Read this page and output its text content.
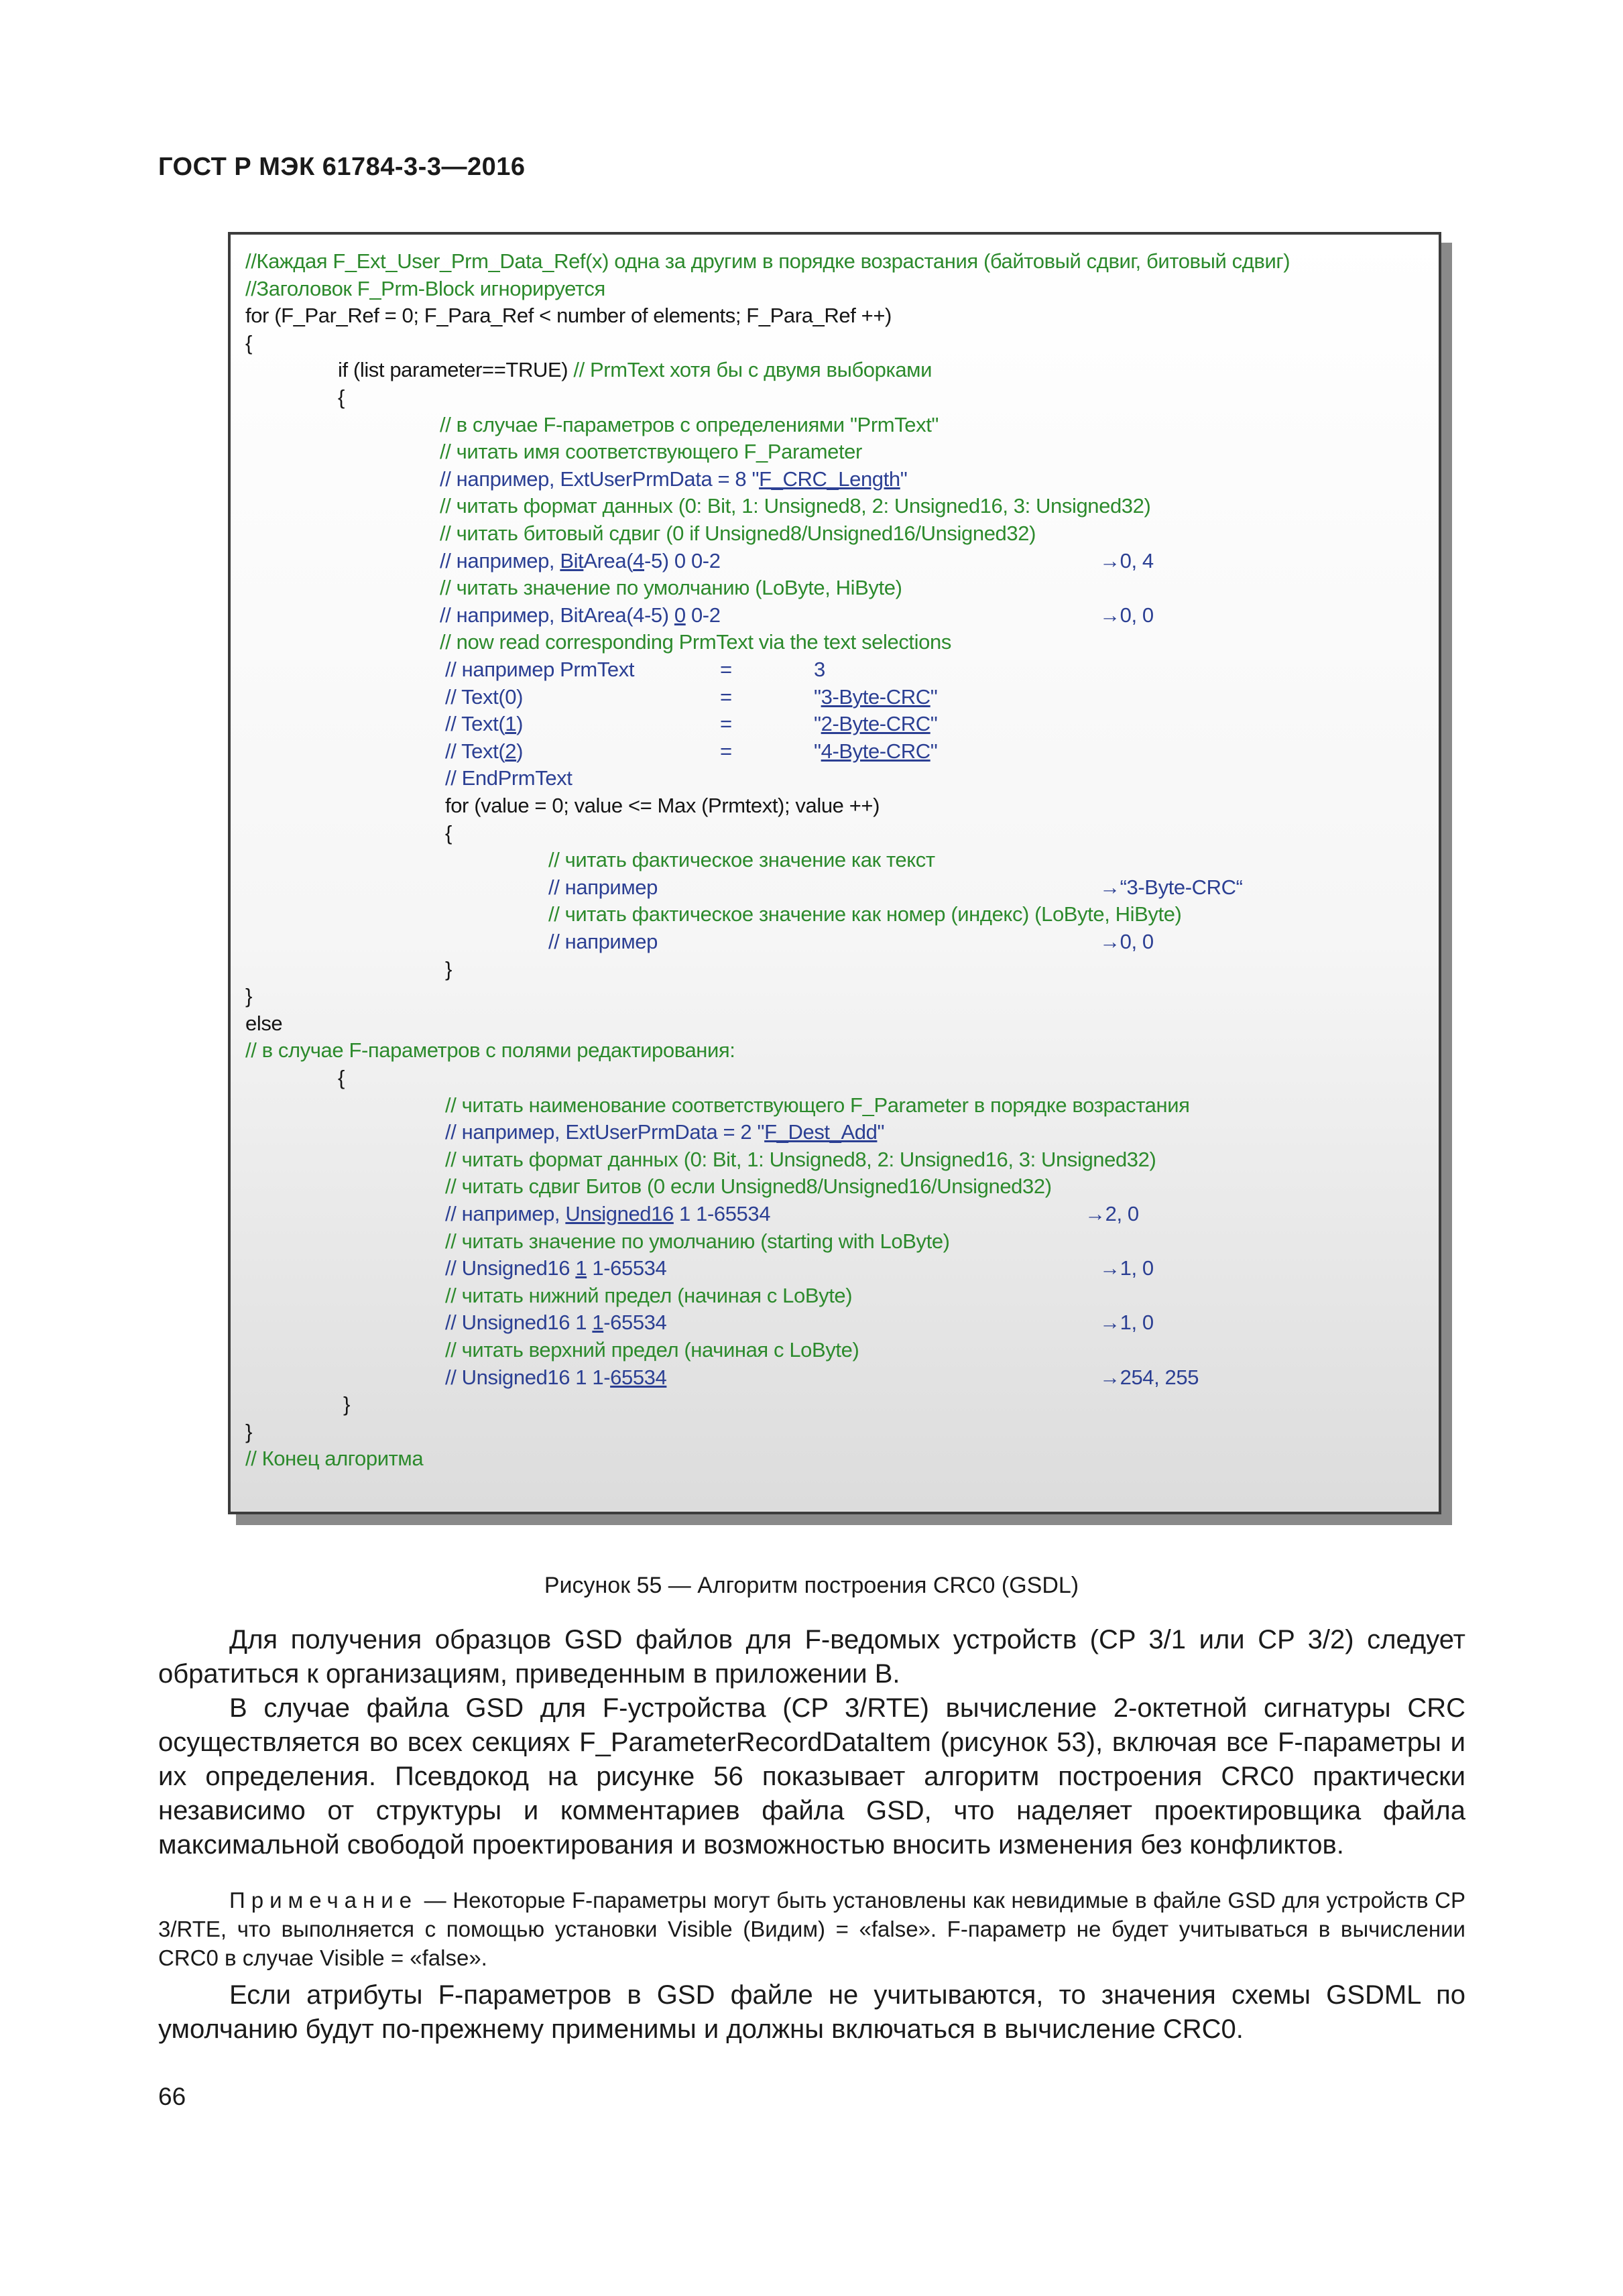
ГОСТ Р МЭК 61784-3-3—2016
//Каждая F_Ext_User_Prm_Data_Ref(x) одна за другим в порядке возрастания (байтовый сдвиг, битовый сдвиг)
//Заголовок F_Prm-Block игнорируется
for (F_Par_Ref = 0; F_Para_Ref < number of elements; F_Para_Ref ++)
{
if (list parameter==TRUE) // PrmText хотя бы с двумя выборками
{
// в случае F-параметров с определениями "PrmText"
// читать имя соответствующего F_Parameter
// например, ExtUserPrmData = 8 "F_CRC_Length"
// читать формат данных (0: Bit, 1: Unsigned8, 2: Unsigned16, 3: Unsigned32)
// читать битовый сдвиг (0 if Unsigned8/Unsigned16/Unsigned32)
// например, BitArea(4-5) 0 0-2	→0, 4
// читать значение по умолчанию (LoByte, HiByte)
// например, BitArea(4-5) 0 0-2	→0, 0
// now read corresponding PrmText via the text selections
// например PrmText	=	3
// Text(0)	=	"3-Byte-CRC"
// Text(1)	=	"2-Byte-CRC"
// Text(2)	=	"4-Byte-CRC"
// EndPrmText
for (value = 0; value <= Max (Prmtext); value ++)
{
// читать фактическое значение как текст
// например	→“3-Byte-CRC“
// читать фактическое значение как номер (индекс) (LoByte, HiByte)
// например	→0, 0
}
}
else
// в случае F-параметров с полями редактирования:
{
// читать наименование соответствующего F_Parameter в порядке возрастания
// например, ExtUserPrmData = 2 "F_Dest_Add"
// читать формат данных (0: Bit, 1: Unsigned8, 2: Unsigned16, 3: Unsigned32)
// читать сдвиг Битов (0 если Unsigned8/Unsigned16/Unsigned32)
// например, Unsigned16 1 1-65534	→2, 0
// читать значение по умолчанию (starting with LoByte)
// Unsigned16 1 1-65534	→1, 0
// читать нижний предел (начиная с LoByte)
// Unsigned16 1 1-65534	→1, 0
// читать верхний предел (начиная с LoByte)
// Unsigned16 1 1-65534	→254, 255
}
}
// Конец алгоритма
Рисунок 55 — Алгоритм построения CRC0 (GSDL)
Для получения образцов GSD файлов для F-ведомых устройств (CP 3/1 или CP 3/2) следует обратиться к организациям, приведенным в приложении B.
В случае файла GSD для F-устройства (CP 3/RTE) вычисление 2-октетной сигнатуры CRC осуществляется во всех секциях F_ParameterRecordDataItem (рисунок 53), включая все F-параметры и их определения. Псевдокод на рисунке 56 показывает алгоритм построения CRC0 практически независимо от структуры и комментариев файла GSD, что наделяет проектировщика файла максимальной свободой проектирования и возможностью вносить изменения без конфликтов.
Примечание — Некоторые F-параметры могут быть установлены как невидимые в файле GSD для устройств CP 3/RTE, что выполняется с помощью установки Visible (Видим) = «false». F-параметр не будет учитываться в вычислении CRC0 в случае Visible = «false».
Если атрибуты F-параметров в GSD файле не учитываются, то значения схемы GSDML по умолчанию будут по-прежнему применимы и должны включаться в вычисление CRC0.
66
